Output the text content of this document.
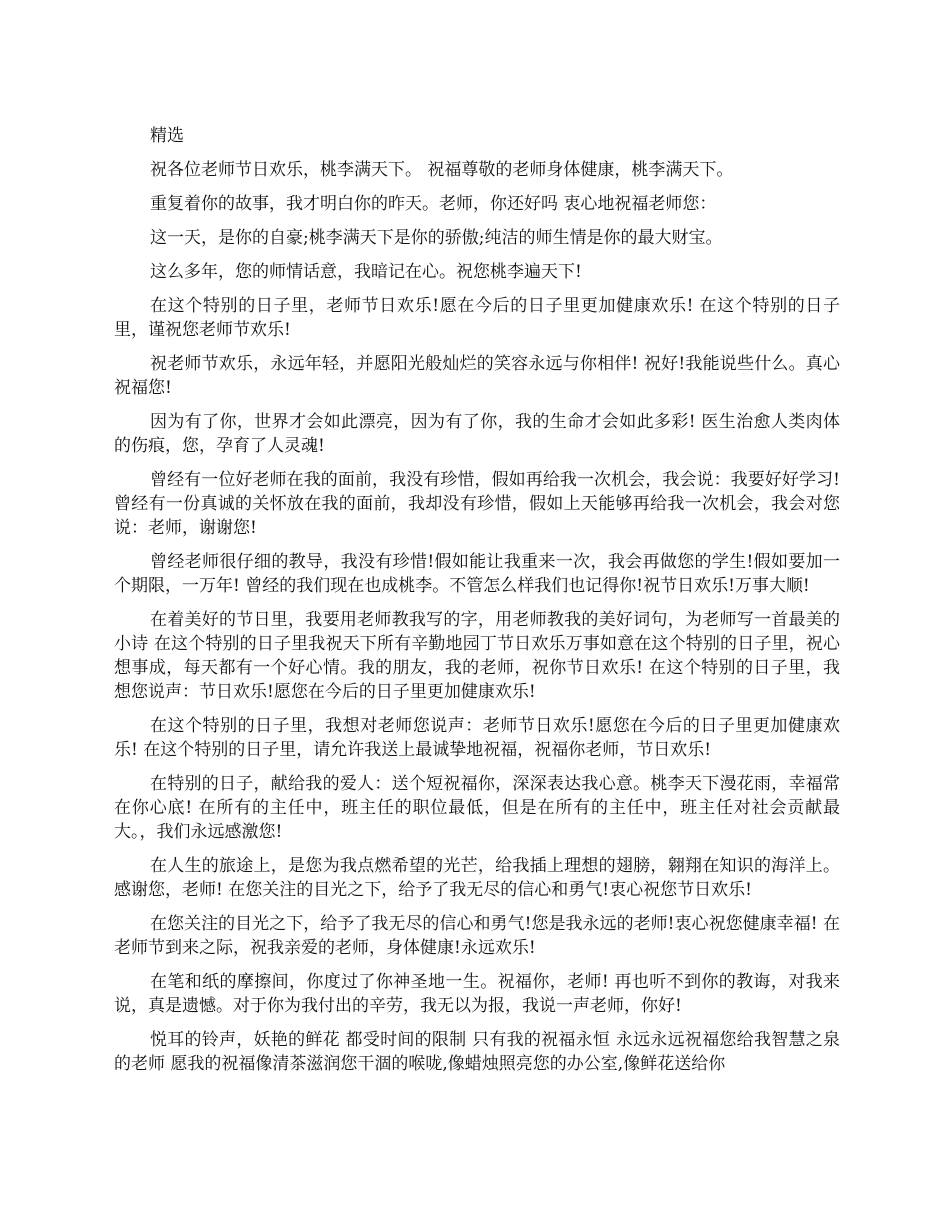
精选

祝各位老师节日欢乐，桃李满天下。 祝福尊敬的老师身体健康，桃李满天下。

重复着你的故事，我才明白你的昨天。老师，你还好吗 衷心地祝福老师您：

这一天，是你的自豪;桃李满天下是你的骄傲;纯洁的师生情是你的最大财宝。

这么多年，您的师情话意，我暗记在心。祝您桃李遍天下!

在这个特别的日子里，老师节日欢乐!愿在今后的日子里更加健康欢乐! 在这个特别的日子里，谨祝您老师节欢乐!

祝老师节欢乐，永远年轻，并愿阳光般灿烂的笑容永远与你相伴! 祝好!我能说些什么。真心祝福您!

因为有了你，世界才会如此漂亮，因为有了你，我的生命才会如此多彩! 医生治愈人类肉体的伤痕，您，孕育了人灵魂!

曾经有一位好老师在我的面前，我没有珍惜，假如再给我一次机会，我会说：我要好好学习! 曾经有一份真诚的关怀放在我的面前，我却没有珍惜，假如上天能够再给我一次机会，我会对您说：老师，谢谢您!

曾经老师很仔细的教导，我没有珍惜!假如能让我重来一次，我会再做您的学生!假如要加一个期限，一万年! 曾经的我们现在也成桃李。不管怎么样我们也记得你!祝节日欢乐!万事大顺!

在着美好的节日里，我要用老师教我写的字，用老师教我的美好词句，为老师写一首最美的小诗 在这个特别的日子里我祝天下所有辛勤地园丁节日欢乐万事如意在这个特别的日子里，祝心想事成，每天都有一个好心情。我的朋友，我的老师，祝你节日欢乐! 在这个特别的日子里，我想您说声：节日欢乐!愿您在今后的日子里更加健康欢乐!

在这个特别的日子里，我想对老师您说声：老师节日欢乐!愿您在今后的日子里更加健康欢乐! 在这个特别的日子里，请允许我送上最诚挚地祝福，祝福你老师，节日欢乐!

在特别的日子，献给我的爱人：送个短祝福你，深深表达我心意。桃李天下漫花雨，幸福常在你心底! 在所有的主任中，班主任的职位最低，但是在所有的主任中，班主任对社会贡献最大。，我们永远感激您!

在人生的旅途上，是您为我点燃希望的光芒，给我插上理想的翅膀，翱翔在知识的海洋上。感谢您，老师! 在您关注的目光之下，给予了我无尽的信心和勇气!衷心祝您节日欢乐!

在您关注的目光之下，给予了我无尽的信心和勇气!您是我永远的老师!衷心祝您健康幸福! 在老师节到来之际，祝我亲爱的老师，身体健康!永远欢乐!

在笔和纸的摩擦间，你度过了你神圣地一生。祝福你，老师! 再也听不到你的教诲，对我来说，真是遗憾。对于你为我付出的辛劳，我无以为报，我说一声老师，你好!

悦耳的铃声，妖艳的鲜花 都受时间的限制 只有我的祝福永恒 永远永远祝福您给我智慧之泉的老师 愿我的祝福像清茶滋润您干涸的喉咙,像蜡烛照亮您的办公室,像鲜花送给你
